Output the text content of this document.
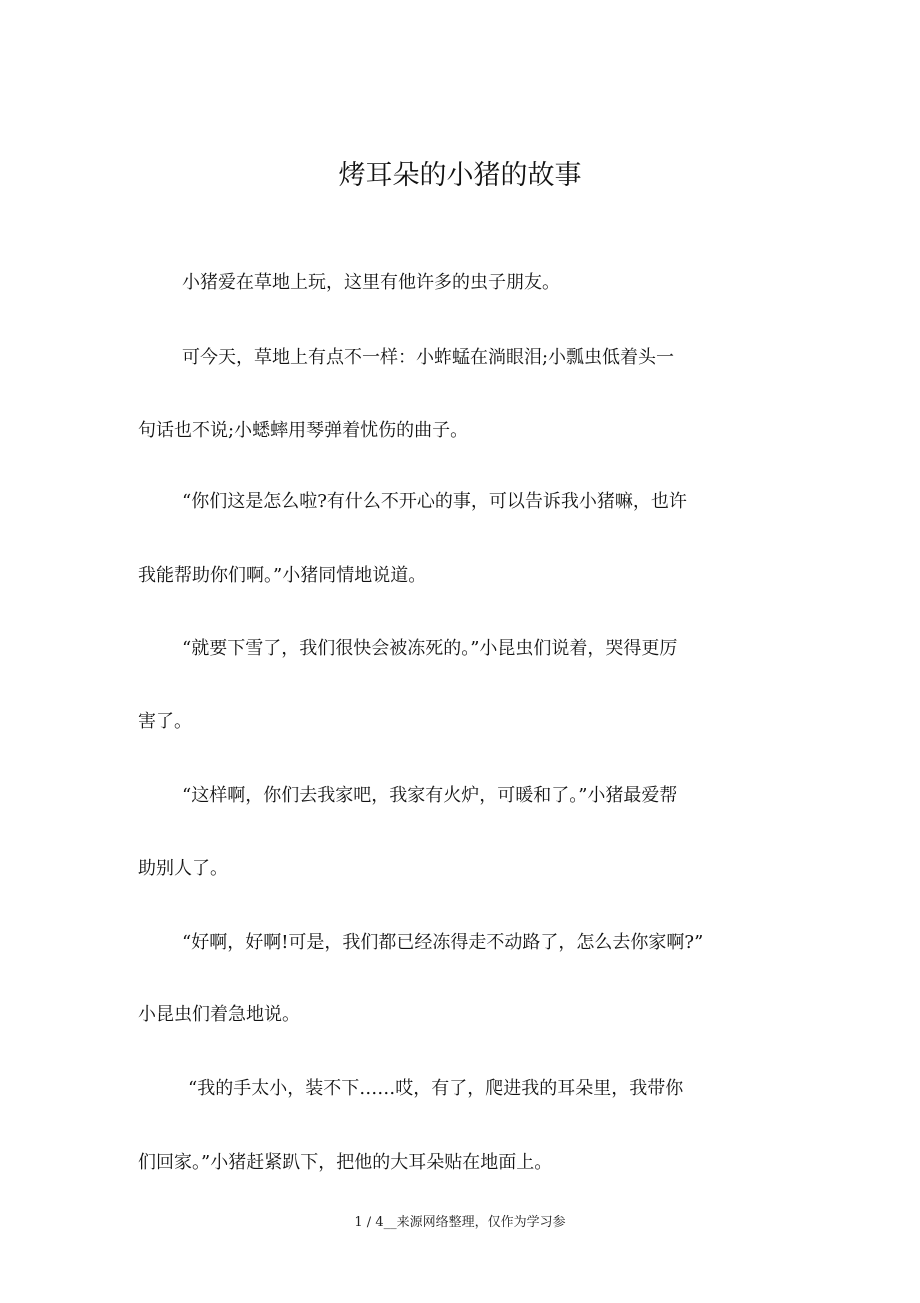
烤耳朵的小猪的故事
小猪爱在草地上玩，这里有他许多的虫子朋友。
可今天，草地上有点不一样：小蚱蜢在淌眼泪;小瓢虫低着头一
句话也不说;小蟋蟀用琴弹着忧伤的曲子。
“你们这是怎么啦?有什么不开心的事，可以告诉我小猪嘛，也许
我能帮助你们啊。”小猪同情地说道。
“就要下雪了，我们很快会被冻死的。”小昆虫们说着，哭得更厉
害了。
“这样啊，你们去我家吧，我家有火炉，可暖和了。”小猪最爱帮
助别人了。
“好啊，好啊!可是，我们都已经冻得走不动路了，怎么去你家啊?”
小昆虫们着急地说。
“我的手太小，装不下……哎，有了，爬进我的耳朵里，我带你
们回家。”小猪赶紧趴下，把他的大耳朵贴在地面上。
1 / 4__来源网络整理，仅作为学习参
